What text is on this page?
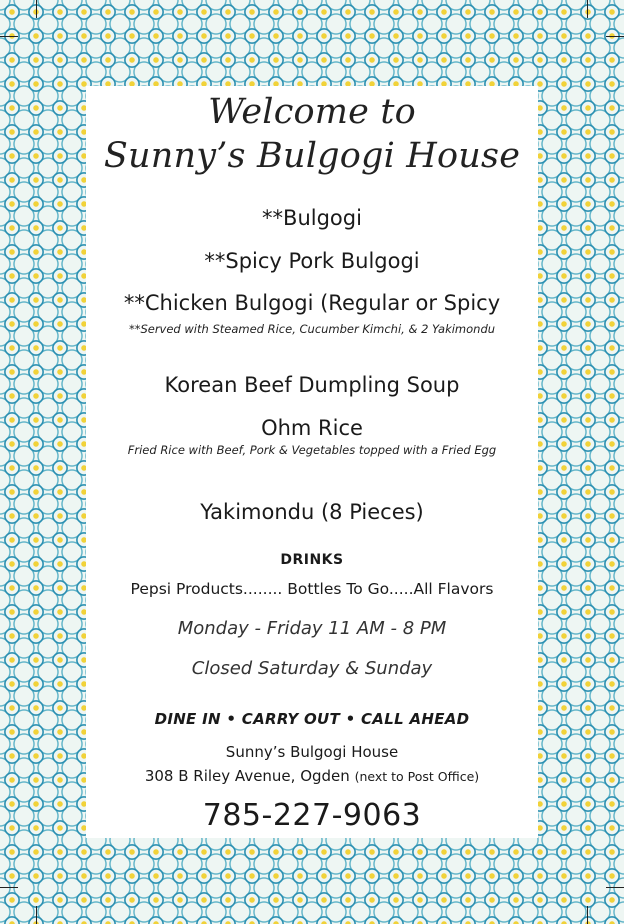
Welcome to
Sunny’s Bulgogi House
**Bulgogi
**Spicy Pork Bulgogi
**Chicken Bulgogi (Regular or Spicy
**Served with Steamed Rice, Cucumber Kimchi, & 2 Yakimondu
Korean Beef Dumpling Soup
Ohm Rice
Fried Rice with Beef, Pork & Vegetables topped with a Fried Egg
Yakimondu (8 Pieces)
DRINKS
Pepsi Products........ Bottles To Go.....All Flavors
Monday - Friday 11 AM - 8 PM
Closed Saturday & Sunday
DINE IN • CARRY OUT • CALL AHEAD
Sunny’s Bulgogi House
308 B Riley Avenue, Ogden (next to Post Office)
785-227-9063
